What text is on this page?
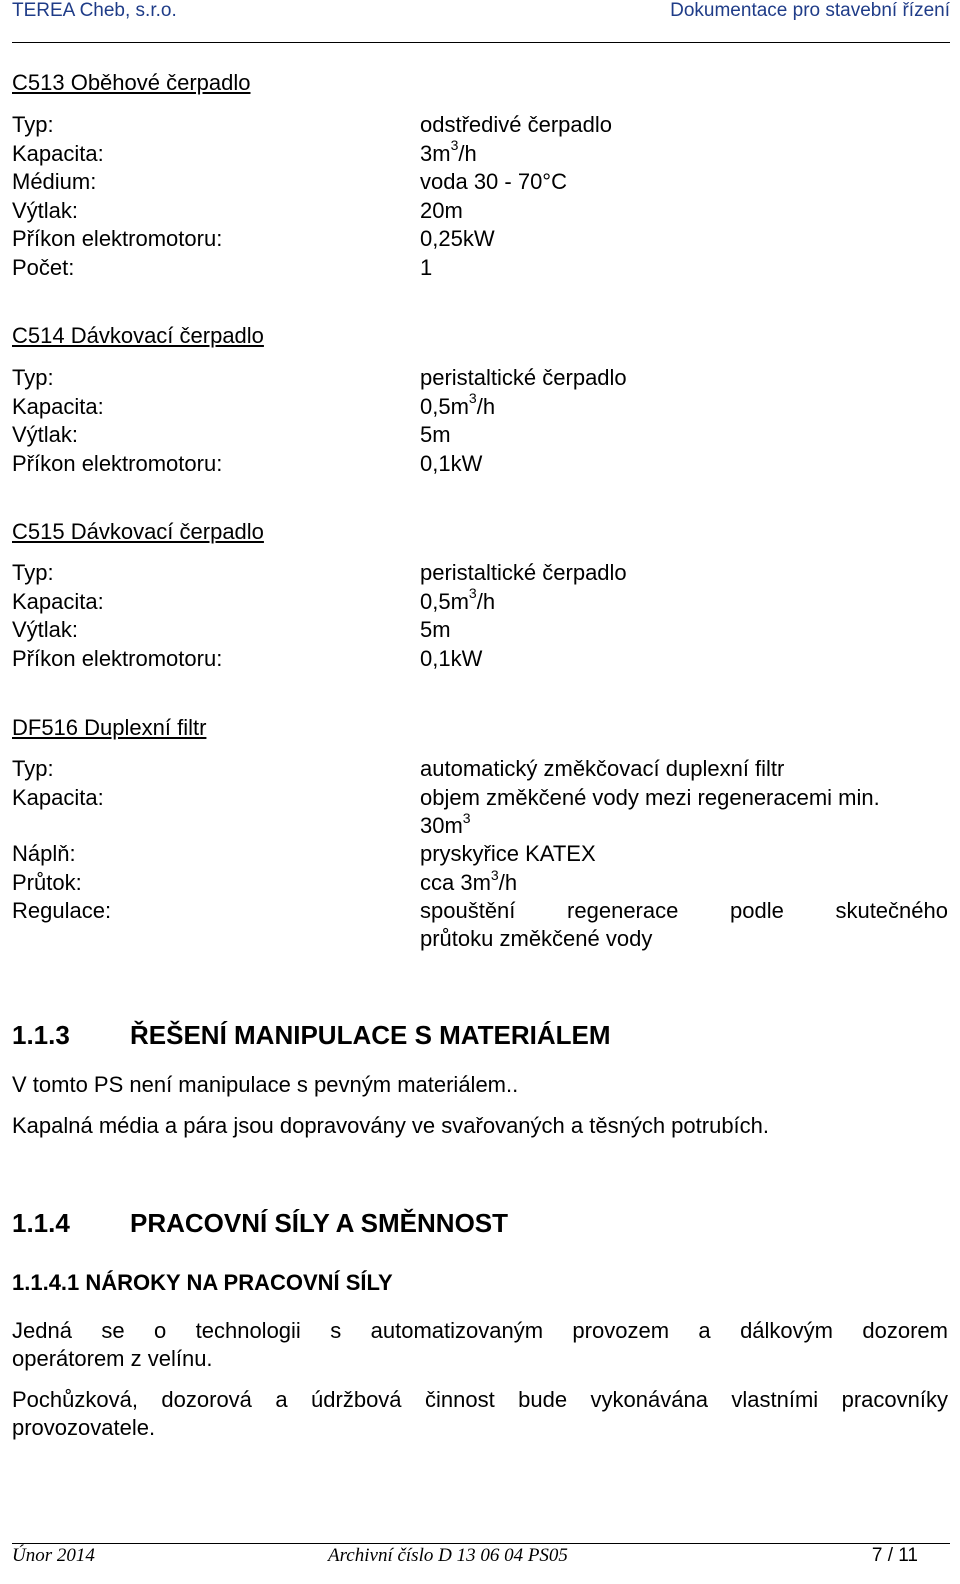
TEREA Cheb, s.r.o.	Dokumentace pro stavební řízení
C513 Oběhové čerpadlo
Typ:	odstředivé čerpadlo
Kapacita:	$3m^3/h$
Médium:	voda 30 - 70°C
Výtlak:	20m
Příkon elektromotoru:	0,25kW
Počet:	1
C514 Dávkovací čerpadlo
Typ:	peristaltické čerpadlo
Kapacita:	$0,5m^3/h$
Výtlak:	5m
Příkon elektromotoru:	0,1kW
C515 Dávkovací čerpadlo
Typ:	peristaltické čerpadlo
Kapacita:	$0,5m^3/h$
Výtlak:	5m
Příkon elektromotoru:	0,1kW
DF516 Duplexní filtr
Typ:	automatický změkčovací duplexní filtr
Kapacita:	objem změkčené vody mezi regeneracemi min.
$30m^3$
Náplň:	pryskyřice KATEX
Průtok:	cca $3m^3/h$
Regulace:	spouštění regenerace podle skutečného
průtoku změkčené vody
1.1.3 ŘEŠENÍ MANIPULACE S MATERIÁLEM
V tomto PS není manipulace s pevným materiálem..
Kapalná média a pára jsou dopravovány ve svařovaných a těsných potrubích.
1.1.4 PRACOVNÍ SÍLY A SMĚNNOST
1.1.4.1 NÁROKY NA PRACOVNÍ SÍLY
Jedná se o technologii s automatizovaným provozem a dálkovým dozorem
operátorem z velínu.
Pochůzková, dozorová a údržbová činnost bude vykonávána vlastními pracovníky
provozovatele.
Únor 2014	Archivní číslo D 13 06 04 PS05	7 / 11
